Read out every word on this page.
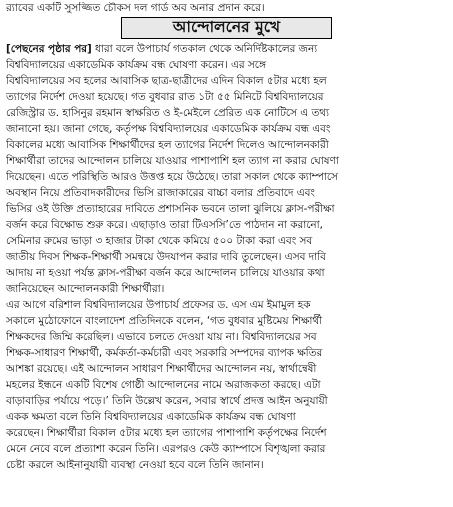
র‍্যাবের একটি সুসজ্জিত চৌকস দল গার্ড অব অনার প্রদান করে।
আন্দোলনের মুখে

[পেছনের পৃষ্ঠার পর] ধারা বলে উপাচার্য গতকাল থেকে অনির্দিষ্টকালের জন্য
বিশ্ববিদ্যালয়ের একাডেমিক কার্যক্রম বন্ধ ঘোষণা করেন। এর সঙ্গে
বিশ্ববিদ্যালয়ের সব হলের আবাসিক ছাত্র-ছাত্রীদের এদিন বিকাল ৫টার মধ্যে হল
ত্যাগের নির্দেশ দেওয়া হয়েছে। গত বুধবার রাত ১টা ৫৫ মিনিটে বিশ্ববিদ্যালয়ের
রেজিস্ট্রার ড. হাসিনুর রহমান স্বাক্ষরিত ও ই-মেইলে প্রেরিত এক নোটিসে এ তথ্য
জানানো হয়। জানা গেছে, কর্তৃপক্ষ বিশ্ববিদ্যালয়ের একাডেমিক কার্যক্রম বন্ধ এবং
বিকালের মধ্যে আবাসিক শিক্ষার্থীদের হল ত্যাগের নির্দেশ দিলেও আন্দোলনকারী
শিক্ষার্থীরা তাদের আন্দোলন চালিয়ে যাওয়ার পাশাপাশি হল ত্যাগ না করার ঘোষণা
দিয়েছেন। এতে পরিস্থিতি আরও উত্তপ্ত হয়ে উঠেছে। তারা সকাল থেকে ক্যাম্পাসে
অবস্থান নিয়ে প্রতিবাদকারীদের ভিসি রাজাকারের বাচ্চা বলার প্রতিবাদে এবং
ভিসির ওই উক্তি প্রত্যাহারের দাবিতে প্রশাসনিক ভবনে তালা ঝুলিয়ে ক্লাস-পরীক্ষা
বর্জন করে বিক্ষোভ শুরু করে। এছাড়াও তারা টিএসসি’তে পাঠদান না করানো,
সেমিনার রুমের ভাড়া ৩ হাজার টাকা থেকে কমিয়ে ৫০০ টাকা করা এবং সব
জাতীয় দিবস শিক্ষক-শিক্ষার্থী সমন্বয়ে উদযাপন করার দাবি তুলেছেন। এসব দাবি
আদায় না হওয়া পর্যন্ত ক্লাস-পরীক্ষা বর্জন করে আন্দোলন চালিয়ে যাওয়ার কথা
জানিয়েছেন আন্দোলনকারী শিক্ষার্থীরা।
এর আগে বরিশাল বিশ্ববিদ্যালয়ের উপাচার্য প্রফেসর ড. এস এম ইমামুল হক
সকালে মুঠোফোনে বাংলাদেশ প্রতিদিনকে বলেন, ‘গত বুধবার মুষ্টিমেয় শিক্ষার্থী
শিক্ষকদের জিম্মি করেছিল। এভাবে চলতে দেওয়া যায় না। বিশ্ববিদ্যালয়ের সব
শিক্ষক-সাধারণ শিক্ষার্থী, কর্মকর্তা-কর্মচারী এবং সরকারি সম্পদের ব্যাপক ক্ষতির
আশঙ্কা রয়েছে। এই আন্দোলন সাধারণ শিক্ষার্থীদের আন্দোলন নয়, স্বার্থান্বেষী
মহলের ইন্ধনে একটি বিশেষ গোষ্ঠী আন্দোলনের নামে অরাজকতা করছে। এটা
বাড়াবাড়ির পর্যায়ে পড়ে।’ তিনি উল্লেখ করেন, সবার স্বার্থে প্রদত্ত আইন অনুযায়ী
একক ক্ষমতা বলে তিনি বিশ্ববিদ্যালয়ের একাডেমিক কার্যক্রম বন্ধ ঘোষণা
করেছেন। শিক্ষার্থীরা বিকাল ৫টার মধ্যে হল ত্যাগের পাশাপাশি কর্তৃপক্ষের নির্দেশ
মেনে নেবে বলে প্রত্যাশা করেন তিনি। এরপরও কেউ ক্যাম্পাসে বিশৃঙ্খলা করার
চেষ্টা করলে আইনানুযায়ী ব্যবস্থা নেওয়া হবে বলে তিনি জানান।
